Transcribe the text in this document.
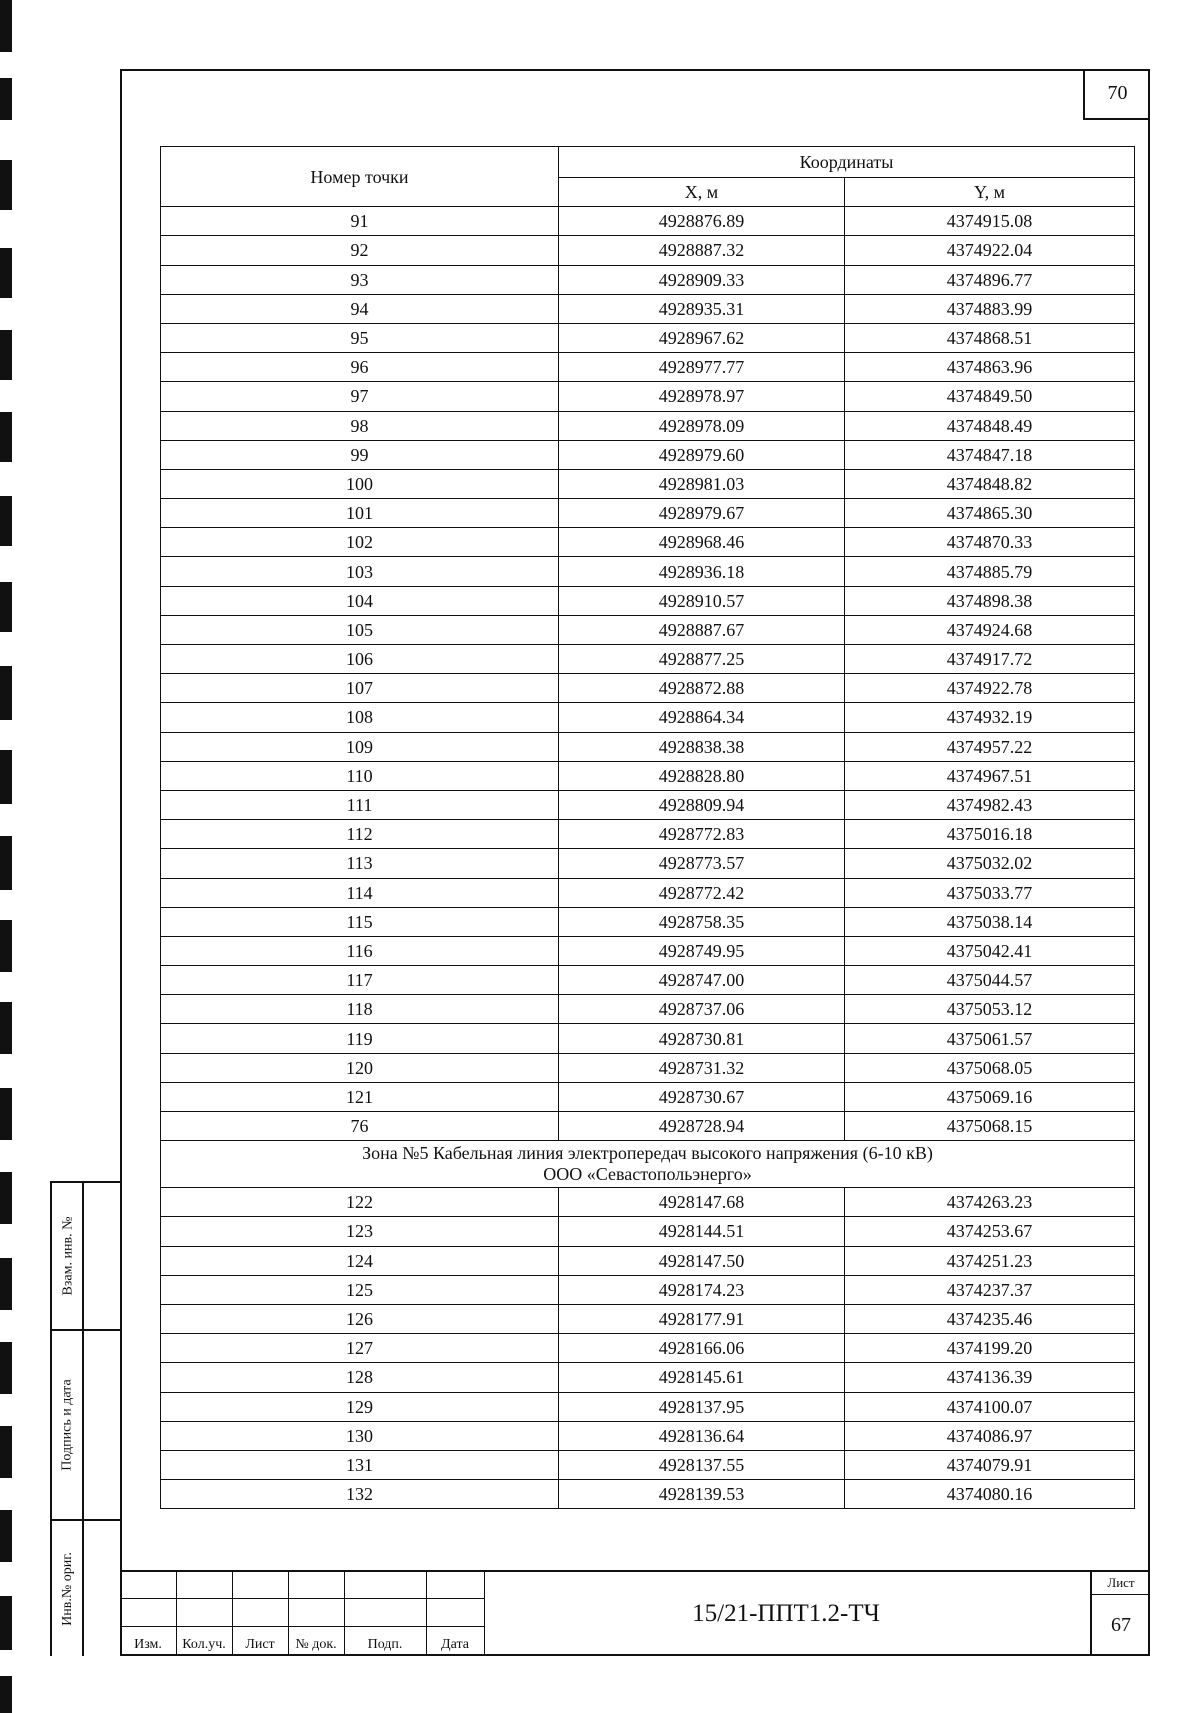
70
Номер точки	Координаты	
	X, м	Y, м
91	4928876.89	4374915.08
92	4928887.32	4374922.04
93	4928909.33	4374896.77
94	4928935.31	4374883.99
95	4928967.62	4374868.51
96	4928977.77	4374863.96
97	4928978.97	4374849.50
98	4928978.09	4374848.49
99	4928979.60	4374847.18
100	4928981.03	4374848.82
101	4928979.67	4374865.30
102	4928968.46	4374870.33
103	4928936.18	4374885.79
104	4928910.57	4374898.38
105	4928887.67	4374924.68
106	4928877.25	4374917.72
107	4928872.88	4374922.78
108	4928864.34	4374932.19
109	4928838.38	4374957.22
110	4928828.80	4374967.51
111	4928809.94	4374982.43
112	4928772.83	4375016.18
113	4928773.57	4375032.02
114	4928772.42	4375033.77
115	4928758.35	4375038.14
116	4928749.95	4375042.41
117	4928747.00	4375044.57
118	4928737.06	4375053.12
119	4928730.81	4375061.57
120	4928731.32	4375068.05
121	4928730.67	4375069.16
76	4928728.94	4375068.15

Зона №5 Кабельная линия электропередач высокого напряжения (6-10 кВ)
ООО «Севастопольэнерго»		

122	4928147.68	4374263.23
123	4928144.51	4374253.67
124	4928147.50	4374251.23
125	4928174.23	4374237.37
126	4928177.91	4374235.46
127	4928166.06	4374199.20
128	4928145.61	4374136.39
129	4928137.95	4374100.07
130	4928136.64	4374086.97
131	4928137.55	4374079.91
132	4928139.53	4374080.16
Взам. инв. №
Подпись и дата
Инв.№ ориг.
Изм.	Кол.уч.	Лист	№ док.	Подп.	Дата
15/21-ППТ1.2-ТЧ
Лист
67
